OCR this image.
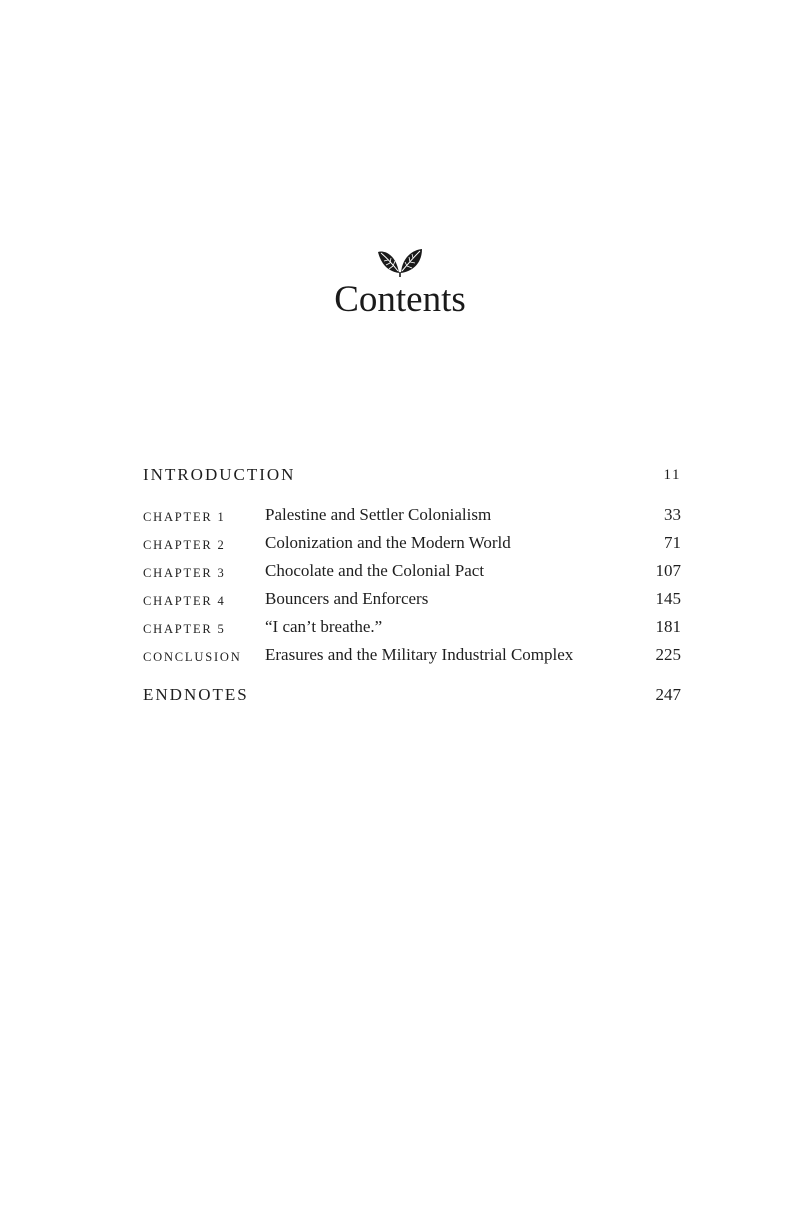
Contents
INTRODUCTION	11
CHAPTER 1 Palestine and Settler Colonialism	33
CHAPTER 2 Colonization and the Modern World	71
CHAPTER 3 Chocolate and the Colonial Pact	107
CHAPTER 4 Bouncers and Enforcers	145
CHAPTER 5 “I can’t breathe.”	181
CONCLUSION Erasures and the Military Industrial Complex	225
ENDNOTES	247
